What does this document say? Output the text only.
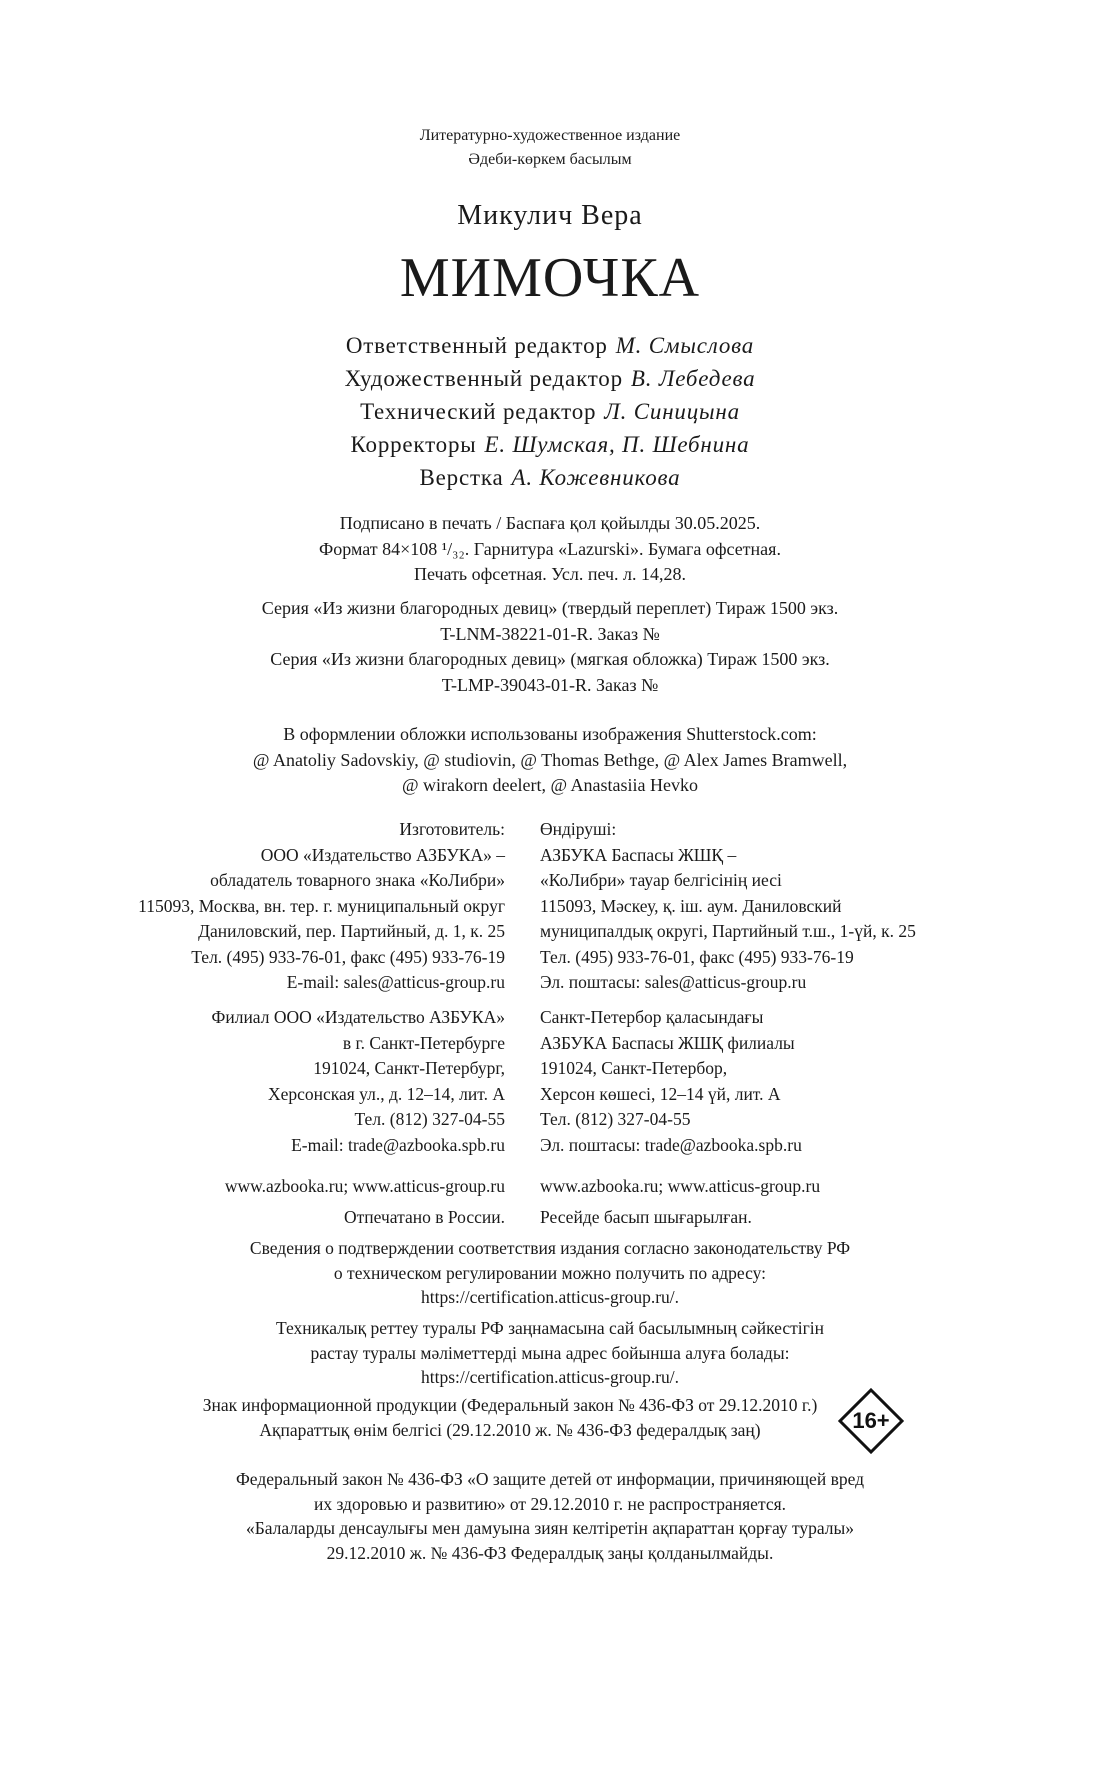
Литературно-художественное издание
Әдеби-көркем басылым
Микулич Вера
МИМОЧКА
Ответственный редактор М. Смыслова
Художественный редактор В. Лебедева
Технический редактор Л. Синицына
Корректоры Е. Шумская, П. Шебнина
Верстка А. Кожевникова
Подписано в печать / Баспаға қол қойылды 30.05.2025.
Формат 84×108 ¹/₃₂. Гарнитура «Lazurski». Бумага офсетная.
Печать офсетная. Усл. печ. л. 14,28.
Серия «Из жизни благородных девиц» (твердый переплет) Тираж 1500 экз.
T-LNM-38221-01-R. Заказ №
Серия «Из жизни благородных девиц» (мягкая обложка) Тираж 1500 экз.
T-LMP-39043-01-R. Заказ №
В оформлении обложки использованы изображения Shutterstock.com:
@ Anatoliy Sadovskiy, @ studiovin, @ Thomas Bethge, @ Alex James Bramwell,
@ wirakorn deelert, @ Anastasiia Hevko
Изготовитель:
ООО «Издательство АЗБУКА» –
обладатель товарного знака «КоЛибри»
115093, Москва, вн. тер. г. муниципальный округ
Даниловский, пер. Партийный, д. 1, к. 25
Тел. (495) 933-76-01, факс (495) 933-76-19
E-mail: sales@atticus-group.ru
Өндіруші:
АЗБУКА Баспасы ЖШҚ –
«КоЛибри» тауар белгісінің иесі
115093, Мәскеу, қ. іш. аум. Даниловский
муниципалдық округі, Партийный т.ш., 1-үй, к. 25
Тел. (495) 933-76-01, факс (495) 933-76-19
Эл. поштасы: sales@atticus-group.ru
Филиал ООО «Издательство АЗБУКА»
в г. Санкт-Петербурге
191024, Санкт-Петербург,
Херсонская ул., д. 12–14, лит. А
Тел. (812) 327-04-55
E-mail: trade@azbooka.spb.ru
Санкт-Петербор қаласындағы
АЗБУКА Баспасы ЖШҚ филиалы
191024, Санкт-Петербор,
Херсон көшесі, 12–14 үй, лит. А
Тел. (812) 327-04-55
Эл. поштасы: trade@azbooka.spb.ru
www.azbooka.ru; www.atticus-group.ru www.azbooka.ru; www.atticus-group.ru
Отпечатано в России. Ресейде басып шығарылған.
Сведения о подтверждении соответствия издания согласно законодательству РФ
о техническом регулировании можно получить по адресу:
https://certification.atticus-group.ru/.
Техникалық реттеу туралы РФ заңнамасына сай басылымның сәйкестігін
растау туралы мәліметтерді мына адрес бойынша алуға болады:
https://certification.atticus-group.ru/.
Знак информационной продукции (Федеральный закон № 436-ФЗ от 29.12.2010 г.)
Ақпараттық өнім белгісі (29.12.2010 ж. № 436-ФЗ федералдық заң)	16+
Федеральный закон № 436-ФЗ «О защите детей от информации, причиняющей вред
их здоровью и развитию» от 29.12.2010 г. не распространяется.
«Балаларды денсаулығы мен дамуына зиян келтіретін ақпараттан қорғау туралы»
29.12.2010 ж. № 436-ФЗ Федералдық заңы қолданылмайды.
